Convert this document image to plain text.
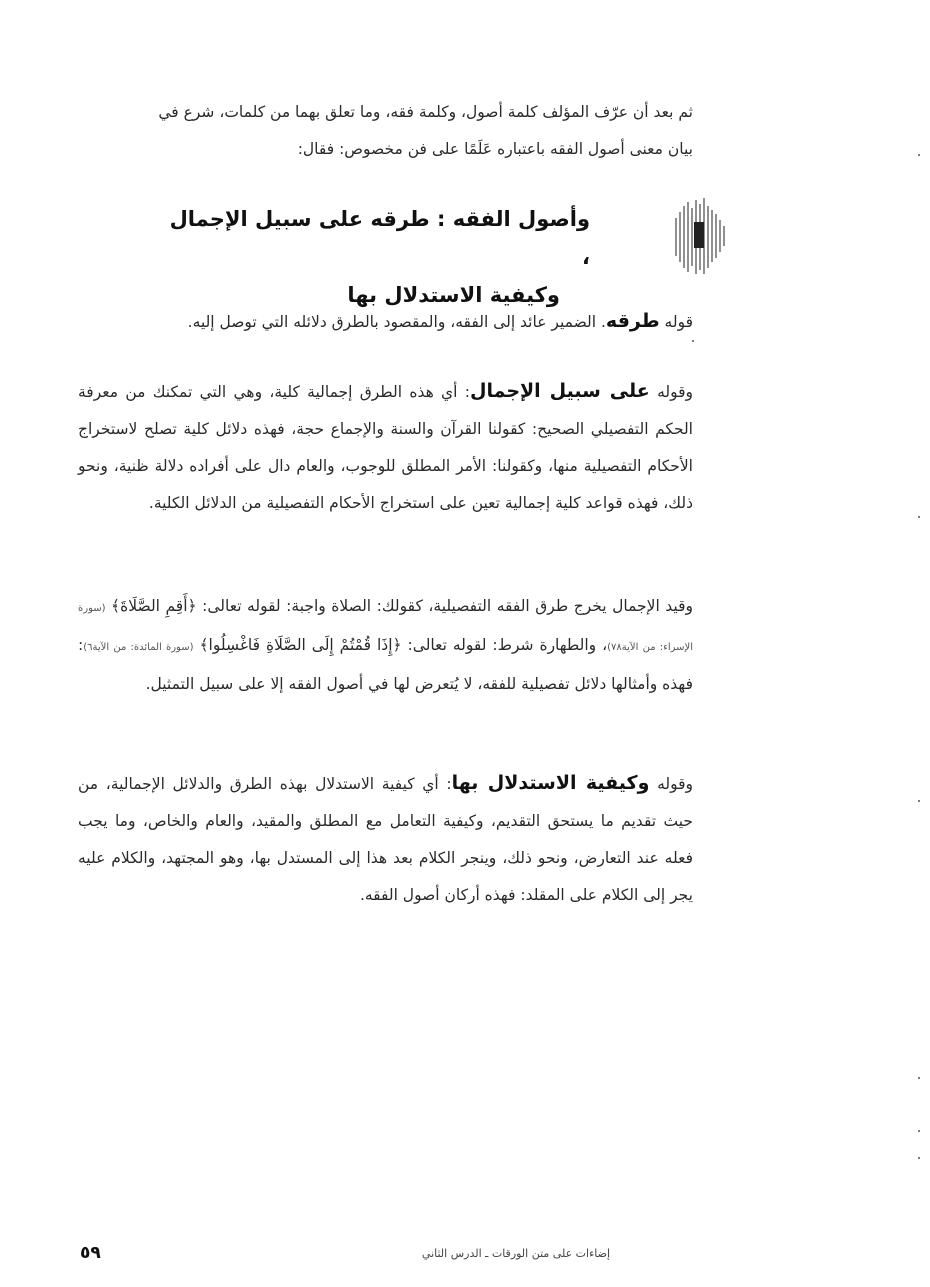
ثم بعد أن عرّف المؤلف كلمة أصول، وكلمة فقه، وما تعلق بهما من كلمات، شرع في
بيان معنى أصول الفقه باعتباره عَلَمًا على فن مخصوص: فقال:
وأصول الفقه : طرقه على سبيل الإجمال ،
وكيفية الاستدلال بها
قوله طرقه. الضمير عائد إلى الفقه، والمقصود بالطرق دلائله التي توصل إليه.
وقوله على سبيل الإجمال: أي هذه الطرق إجمالية كلية، وهي التي تمكنك من معرفة الحكم التفصيلي الصحيح: كقولنا القرآن والسنة والإجماع حجة، فهذه دلائل كلية تصلح لاستخراج الأحكام التفصيلية منها، وكقولنا: الأمر المطلق للوجوب، والعام دال على أفراده دلالة ظنية، ونحو ذلك، فهذه قواعد كلية إجمالية تعين على استخراج الأحكام التفصيلية من الدلائل الكلية.
وقيد الإجمال يخرج طرق الفقه التفصيلية، كقولك: الصلاة واجبة: لقوله تعالى: ﴿أَقِمِ الصَّلَاةَ﴾ (سورة الإسراء: من الآية٧٨)، والطهارة شرط: لقوله تعالى: ﴿إِذَا قُمْتُمْ إِلَى الصَّلَاةِ فَاغْسِلُوا﴾ (سورة المائدة: من الآية٦): فهذه وأمثالها دلائل تفصيلية للفقه، لا يُتعرض لها في أصول الفقه إلا على سبيل التمثيل.
وقوله وكيفية الاستدلال بها: أي كيفية الاستدلال بهذه الطرق والدلائل الإجمالية، من حيث تقديم ما يستحق التقديم، وكيفية التعامل مع المطلق والمقيد، والعام والخاص، وما يجب فعله عند التعارض، ونحو ذلك، وينجر الكلام بعد هذا إلى المستدل بها، وهو المجتهد، والكلام عليه يجر إلى الكلام على المقلد: فهذه أركان أصول الفقه.
٥٩	إضاءات على متن الورقات ـ الدرس الثاني
